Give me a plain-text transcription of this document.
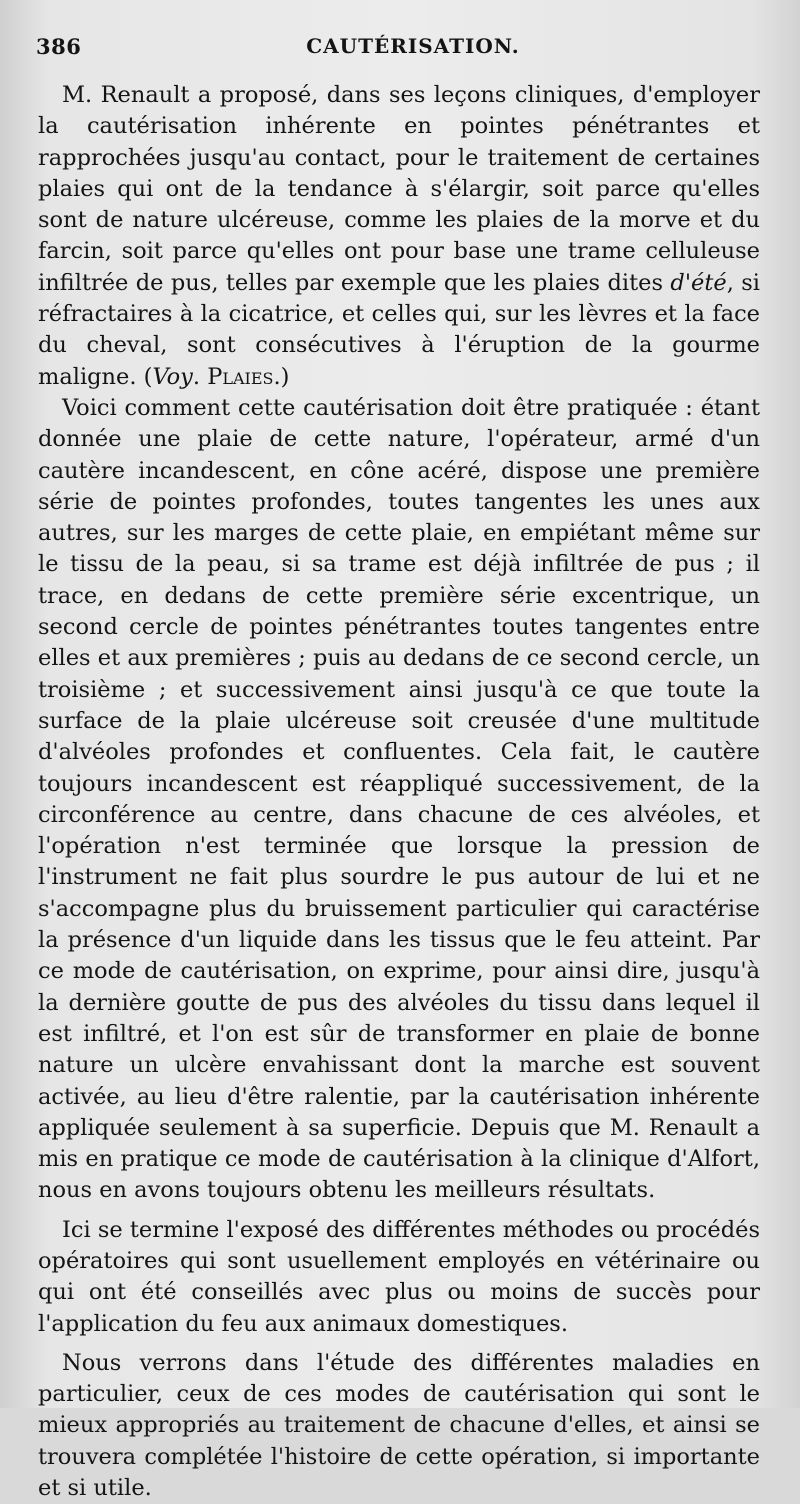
386	CAUTÉRISATION.

M. Renault a proposé, dans ses leçons cliniques, d'employer la cautérisation inhérente en pointes pénétrantes et rapprochées jusqu'au contact, pour le traitement de certaines plaies qui ont de la tendance à s'élargir, soit parce qu'elles sont de nature ulcéreuse, comme les plaies de la morve et du farcin, soit parce qu'elles ont pour base une trame celluleuse infiltrée de pus, telles par exemple que les plaies dites d'été, si réfractaires à la cicatrice, et celles qui, sur les lèvres et la face du cheval, sont consécutives à l'éruption de la gourme maligne. (Voy. Plaies.)

Voici comment cette cautérisation doit être pratiquée : étant donnée une plaie de cette nature, l'opérateur, armé d'un cautère incandescent, en cône acéré, dispose une première série de pointes profondes, toutes tangentes les unes aux autres, sur les marges de cette plaie, en empiétant même sur le tissu de la peau, si sa trame est déjà infiltrée de pus ; il trace, en dedans de cette première série excentrique, un second cercle de pointes pénétrantes toutes tangentes entre elles et aux premières ; puis au dedans de ce second cercle, un troisième ; et successivement ainsi jusqu'à ce que toute la surface de la plaie ulcéreuse soit creusée d'une multitude d'alvéoles profondes et confluentes. Cela fait, le cautère toujours incandescent est réappliqué successivement, de la circonférence au centre, dans chacune de ces alvéoles, et l'opération n'est terminée que lorsque la pression de l'instrument ne fait plus sourdre le pus autour de lui et ne s'accompagne plus du bruissement particulier qui caractérise la présence d'un liquide dans les tissus que le feu atteint. Par ce mode de cautérisation, on exprime, pour ainsi dire, jusqu'à la dernière goutte de pus des alvéoles du tissu dans lequel il est infiltré, et l'on est sûr de transformer en plaie de bonne nature un ulcère envahissant dont la marche est souvent activée, au lieu d'être ralentie, par la cautérisation inhérente appliquée seulement à sa superficie. Depuis que M. Renault a mis en pratique ce mode de cautérisation à la clinique d'Alfort, nous en avons toujours obtenu les meilleurs résultats.

Ici se termine l'exposé des différentes méthodes ou procédés opératoires qui sont usuellement employés en vétérinaire ou qui ont été conseillés avec plus ou moins de succès pour l'application du feu aux animaux domestiques.

Nous verrons dans l'étude des différentes maladies en particulier, ceux de ces modes de cautérisation qui sont le mieux appropriés au traitement de chacune d'elles, et ainsi se trouvera complétée l'histoire de cette opération, si importante et si utile.
